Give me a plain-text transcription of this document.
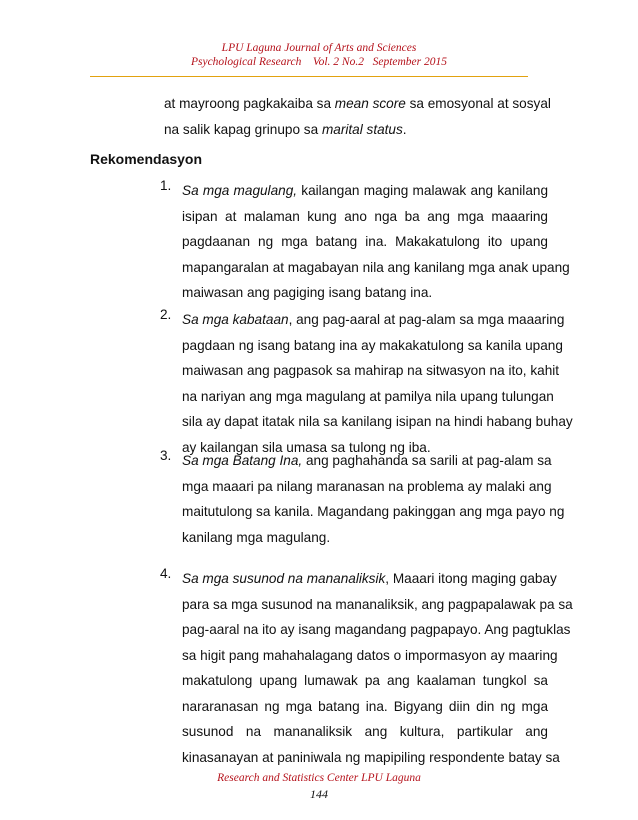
LPU Laguna Journal of Arts and Sciences
Psychological Research    Vol. 2 No.2   September 2015
at mayroong pagkakaiba sa mean score sa emosyonal at sosyal
na salik kapag grinupo sa marital status.
Rekomendasyon
1. Sa mga magulang, kailangan maging malawak ang kanilang
isipan at malaman kung ano nga ba ang mga maaaring
pagdaanan ng mga batang ina. Makakatulong ito upang
mapangaralan at magabayan nila ang kanilang mga anak upang
maiwasan ang pagiging isang batang ina.
2. Sa mga kabataan, ang pag-aaral at pag-alam sa mga maaaring
pagdaan ng isang batang ina ay makakatulong sa kanila upang
maiwasan ang pagpasok sa mahirap na sitwasyon na ito, kahit
na nariyan ang mga magulang at pamilya nila upang tulungan
sila ay dapat itatak nila sa kanilang isipan na hindi habang buhay
ay kailangan sila umasa sa tulong ng iba.
3. Sa mga Batang Ina, ang paghahanda sa sarili at pag-alam sa
mga maaari pa nilang maranasan na problema ay malaki ang
maitutulong sa kanila. Magandang pakinggan ang mga payo ng
kanilang mga magulang.
4. Sa mga susunod na mananaliksik, Maaari itong maging gabay
para sa mga susunod na mananaliksik, ang pagpapalawak pa sa
pag-aaral na ito ay isang magandang pagpapayo. Ang pagtuklas
sa higit pang mahahalagang datos o impormasyon ay maaring
makatulong upang lumawak pa ang kaalaman tungkol sa
nararanasan ng mga batang ina. Bigyang diin din ng mga
susunod na mananaliksik ang kultura, partikular ang
kinasanayan at paniniwala ng mapipiling respondente batay sa
Research and Statistics Center LPU Laguna
144
